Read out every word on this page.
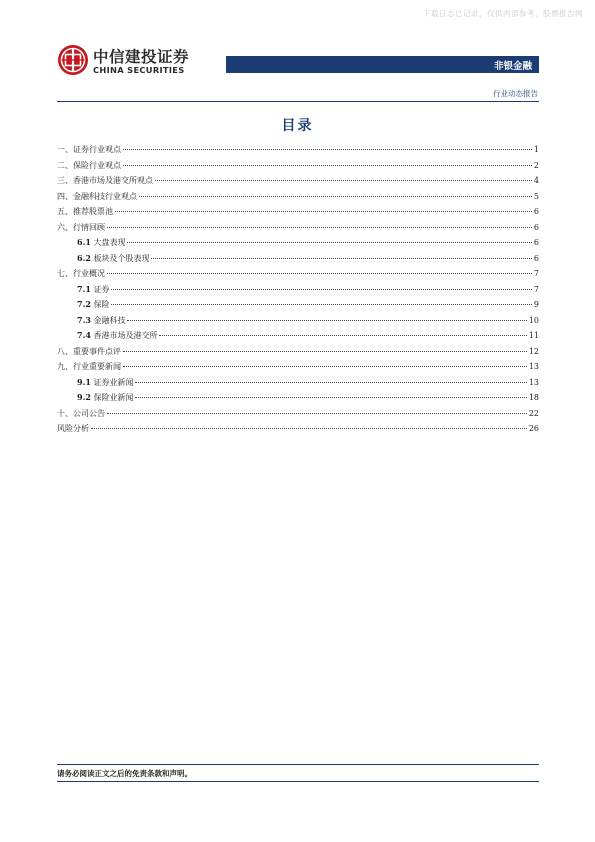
下载日志已记录，仅供内部参考，股票报告网
中信建投证券
CHINA SECURITIES	非银金融
行业动态报告
目录
一、证券行业观点	1
二、保险行业观点	2
三、香港市场及港交所观点	4
四、金融科技行业观点	5
五、推荐股票池	6
六、行情回顾	6
6.1 大盘表现	6
6.2 板块及个股表现	6
七、行业概况	7
7.1 证券	7
7.2 保险	9
7.3 金融科技	10
7.4 香港市场及港交所	11
八、重要事件点评	12
九、行业重要新闻	13
9.1 证券业新闻	13
9.2 保险业新闻	18
十、公司公告	22
风险分析	26
请务必阅读正文之后的免责条款和声明。
